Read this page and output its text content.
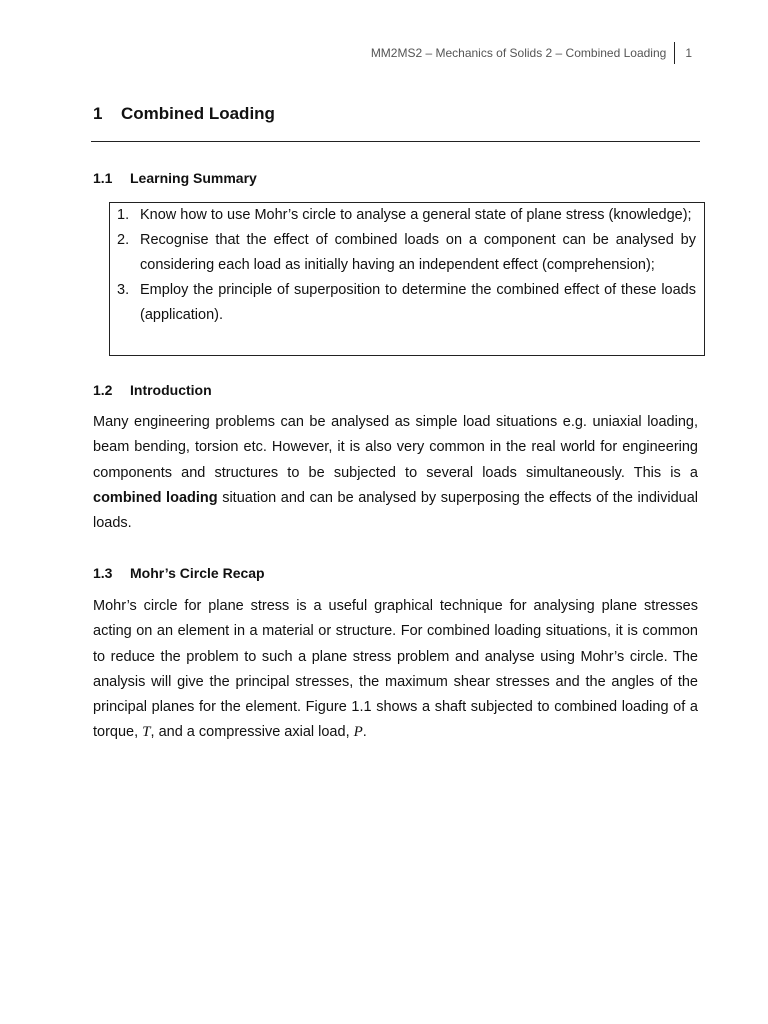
MM2MS2 – Mechanics of Solids 2 – Combined Loading 1
1 Combined Loading
1.1 Learning Summary
1. Know how to use Mohr’s circle to analyse a general state of plane stress (knowledge);
2. Recognise that the effect of combined loads on a component can be analysed by considering each load as initially having an independent effect (comprehension);
3. Employ the principle of superposition to determine the combined effect of these loads (application).
1.2 Introduction

Many engineering problems can be analysed as simple load situations e.g. uniaxial loading, beam bending, torsion etc. However, it is also very common in the real world for engineering components and structures to be subjected to several loads simultaneously. This is a combined loading situation and can be analysed by superposing the effects of the individual loads.

1.3 Mohr’s Circle Recap

Mohr’s circle for plane stress is a useful graphical technique for analysing plane stresses acting on an element in a material or structure. For combined loading situations, it is common to reduce the problem to such a plane stress problem and analyse using Mohr’s circle. The analysis will give the principal stresses, the maximum shear stresses and the angles of the principal planes for the element. Figure 1.1 shows a shaft subjected to combined loading of a torque, T, and a compressive axial load, P.
